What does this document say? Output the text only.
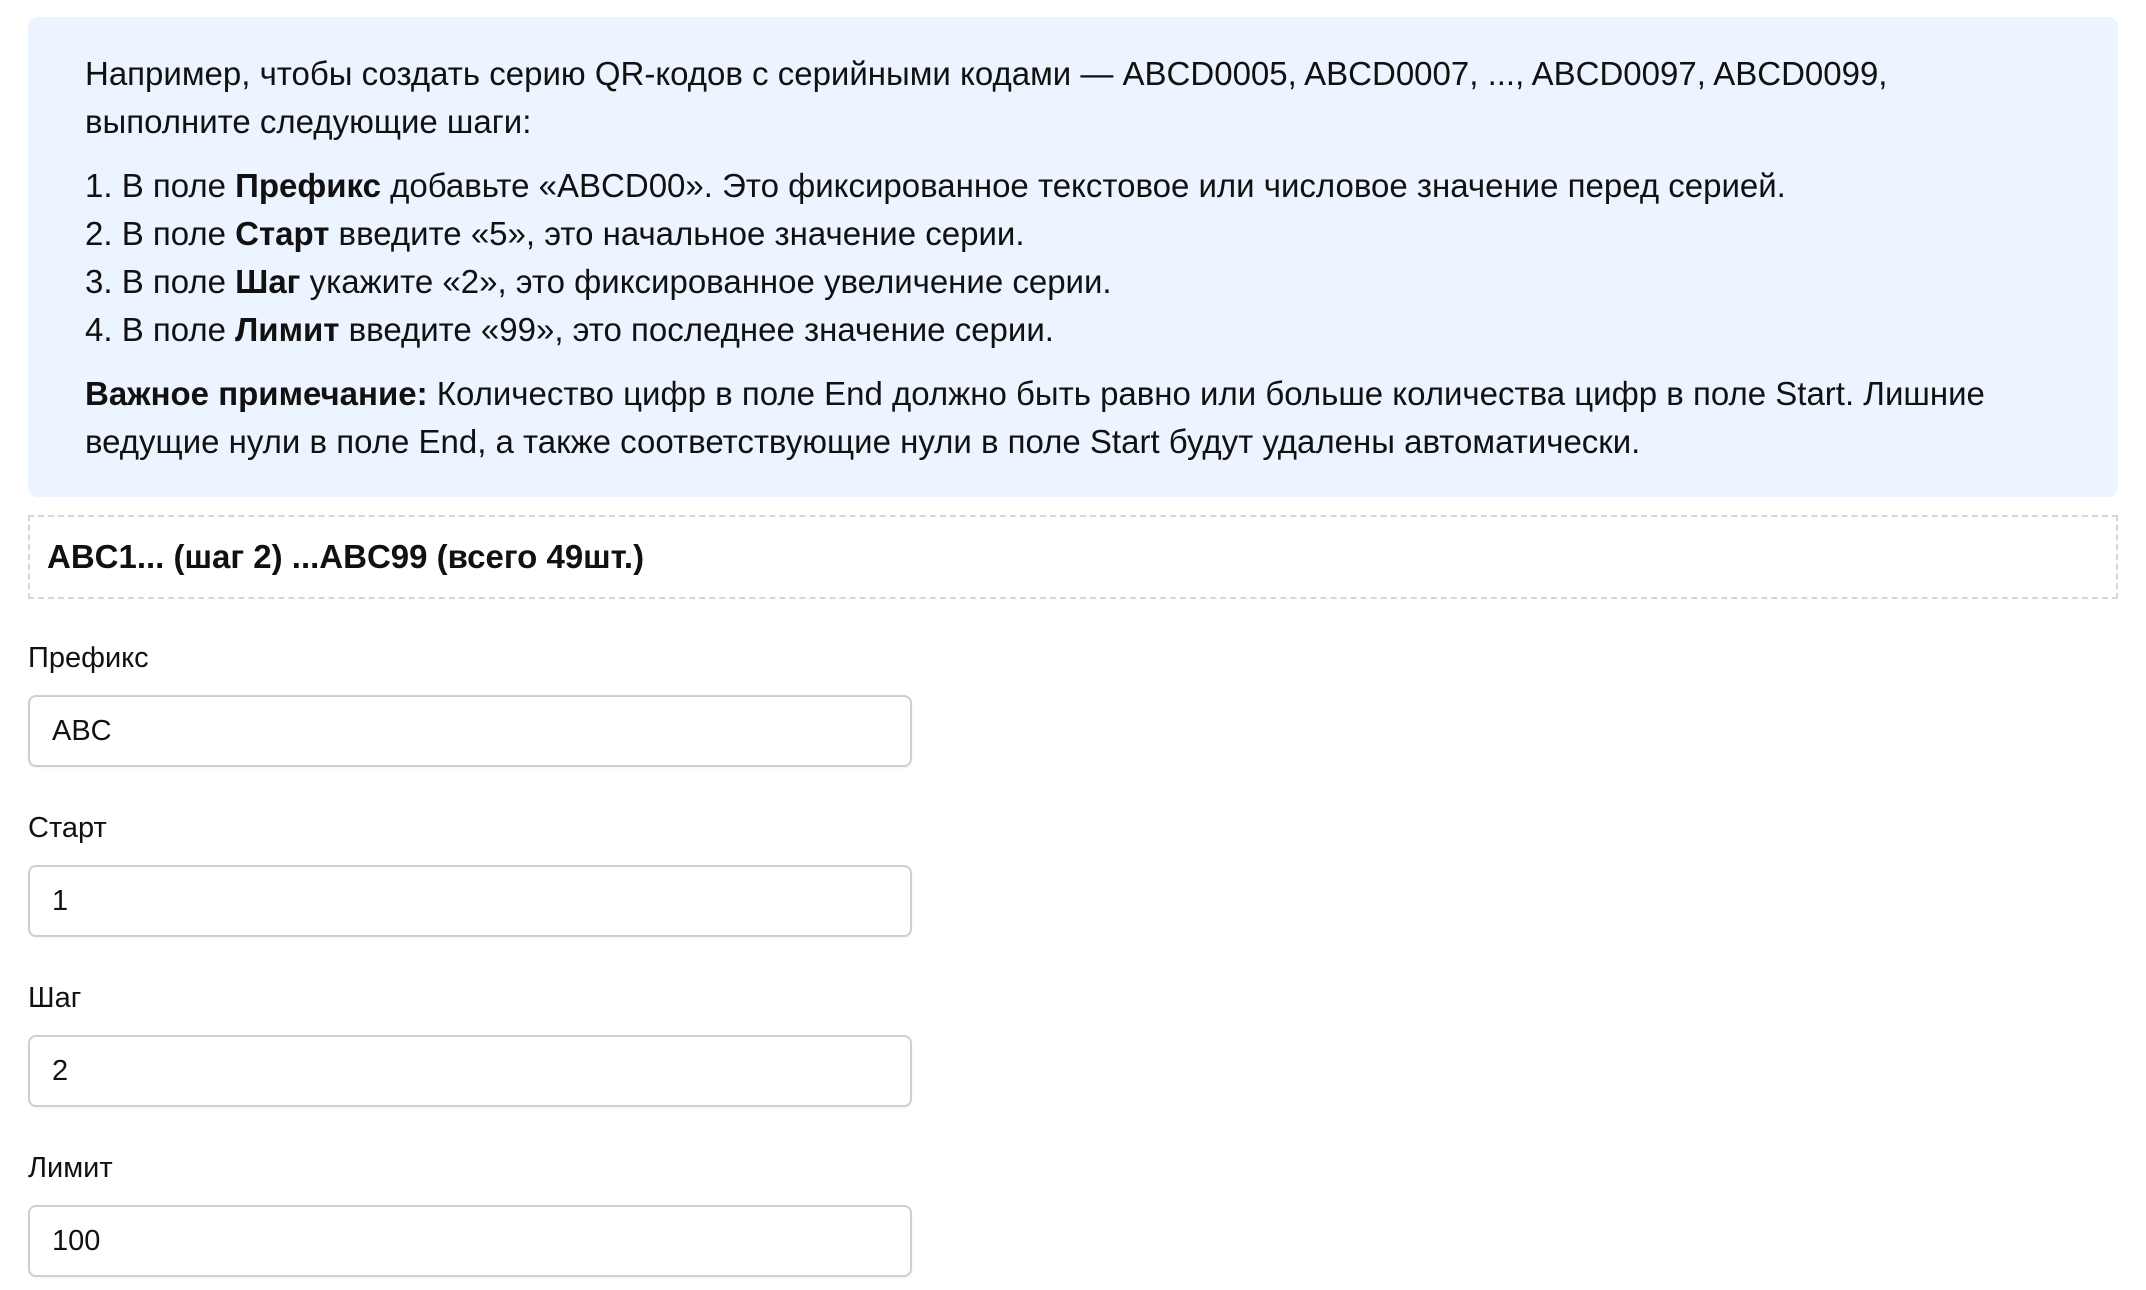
Например, чтобы создать серию QR-кодов с серийными кодами — ABCD0005, ABCD0007, ..., ABCD0097, ABCD0099, выполните следующие шаги:

1. В поле Префикс добавьте «ABCD00». Это фиксированное текстовое или числовое значение перед серией.
2. В поле Старт введите «5», это начальное значение серии.
3. В поле Шаг укажите «2», это фиксированное увеличение серии.
4. В поле Лимит введите «99», это последнее значение серии.

Важное примечание: Количество цифр в поле End должно быть равно или больше количества цифр в поле Start. Лишние ведущие нули в поле End, а также соответствующие нули в поле Start будут удалены автоматически.

ABC1... (шаг 2) ...ABC99 (всего 49шт.)
Префикс
ABC
Старт
1
Шаг
2
Лимит
100
